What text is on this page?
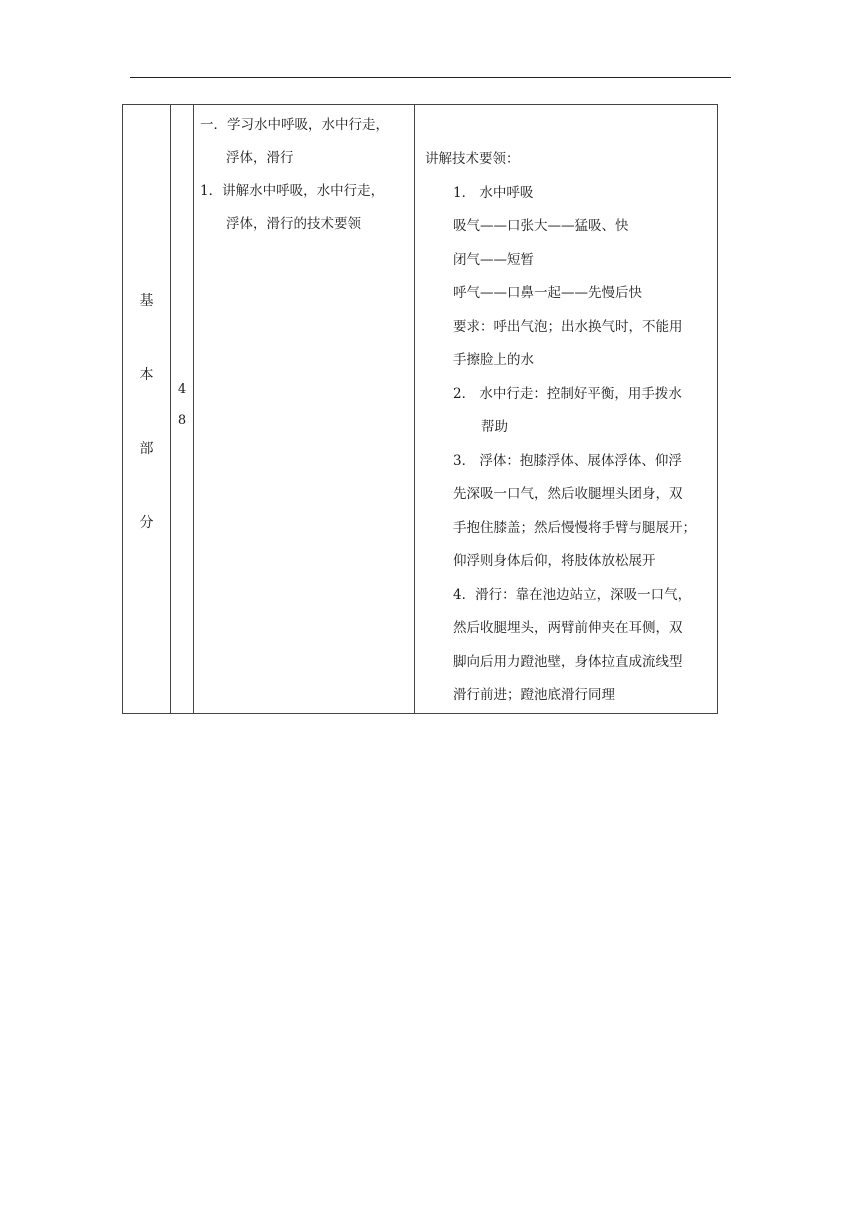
基本部分	48	
一．学习水中呼吸，水中行走，
浮体，滑行
1．讲解水中呼吸，水中行走，
浮体，滑行的技术要领

讲解技术要领：
1． 水中呼吸
吸气——口张大——猛吸、快
闭气——短暂
呼气——口鼻一起——先慢后快
要求：呼出气泡；出水换气时，不能用
手擦脸上的水
2． 水中行走：控制好平衡，用手拨水
帮助
3． 浮体：抱膝浮体、展体浮体、仰浮
先深吸一口气，然后收腿埋头团身，双
手抱住膝盖；然后慢慢将手臂与腿展开；
仰浮则身体后仰，将肢体放松展开
4．滑行：靠在池边站立，深吸一口气，
然后收腿埋头，两臂前伸夹在耳侧，双
脚向后用力蹬池壁，身体拉直成流线型
滑行前进；蹬池底滑行同理
